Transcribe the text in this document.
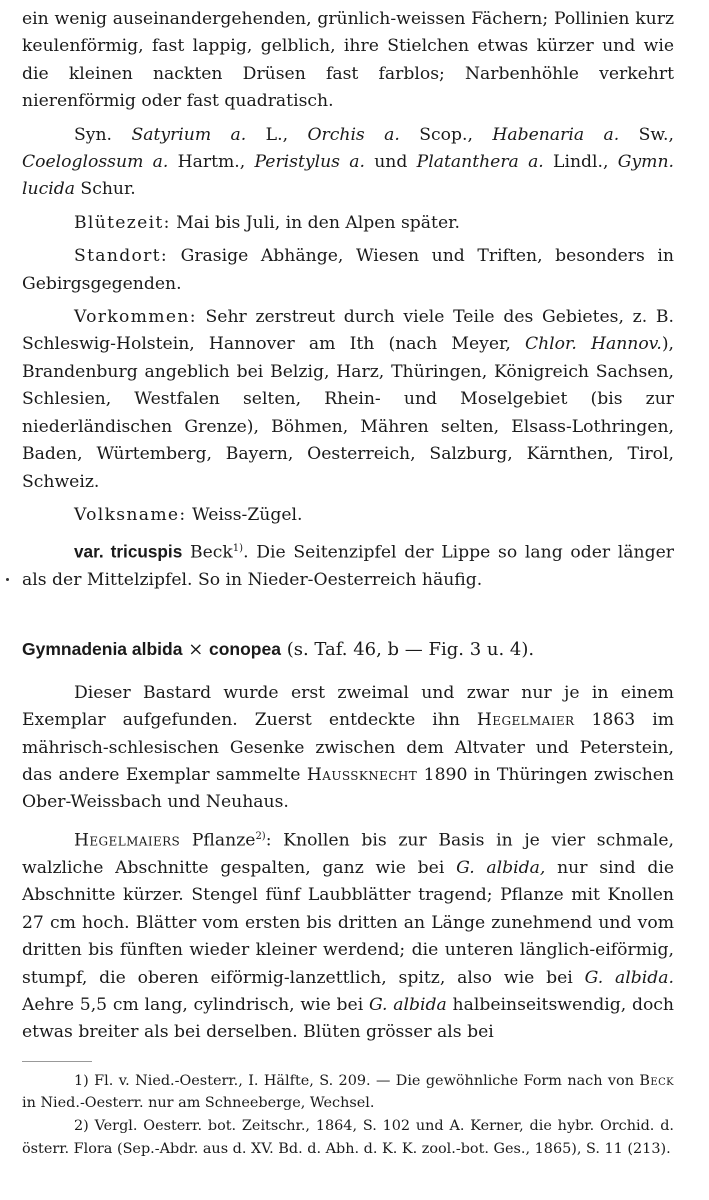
ein wenig auseinandergehenden, grünlich-weissen Fächern; Pollinien kurz keulenförmig, fast lappig, gelblich, ihre Stielchen etwas kürzer und wie die kleinen nackten Drüsen fast farblos; Narbenhöhle verkehrt nierenförmig oder fast quadratisch.

Syn. Satyrium a. L., Orchis a. Scop., Habenaria a. Sw., Coeloglossum a. Hartm., Peristylus a. und Platanthera a. Lindl., Gymn. lucida Schur.

Blütezeit: Mai bis Juli, in den Alpen später.

Standort: Grasige Abhänge, Wiesen und Triften, besonders in Gebirgsgegenden.

Vorkommen: Sehr zerstreut durch viele Teile des Gebietes, z. B. Schleswig-Holstein, Hannover am Ith (nach Meyer, Chlor. Hannov.), Brandenburg angeblich bei Belzig, Harz, Thüringen, Königreich Sachsen, Schlesien, Westfalen selten, Rhein- und Moselgebiet (bis zur niederländischen Grenze), Böhmen, Mähren selten, Elsass-Lothringen, Baden, Würtemberg, Bayern, Oesterreich, Salzburg, Kärnthen, Tirol, Schweiz.

Volksname: Weiss-Zügel.

var. tricuspis Beck$^{1)}$. Die Seitenzipfel der Lippe so lang oder länger als der Mittelzipfel. So in Nieder-Oesterreich häufig.

Gymnadenia albida × conopea (s. Taf. 46, b — Fig. 3 u. 4).

Dieser Bastard wurde erst zweimal und zwar nur je in einem Exemplar aufgefunden. Zuerst entdeckte ihn Hegelmaier 1863 im mährisch-schlesischen Gesenke zwischen dem Altvater und Peterstein, das andere Exemplar sammelte Haussknecht 1890 in Thüringen zwischen Ober-Weissbach und Neuhaus.

Hegelmaiers Pflanze$^{2)}$: Knollen bis zur Basis in je vier schmale, walzliche Abschnitte gespalten, ganz wie bei G. albida, nur sind die Abschnitte kürzer. Stengel fünf Laubblätter tragend; Pflanze mit Knollen 27 cm hoch. Blätter vom ersten bis dritten an Länge zunehmend und vom dritten bis fünften wieder kleiner werdend; die unteren länglich-eiförmig, stumpf, die oberen eiförmig-lanzettlich, spitz, also wie bei G. albida. Aehre 5,5 cm lang, cylindrisch, wie bei G. albida halbeinseitswendig, doch etwas breiter als bei derselben. Blüten grösser als bei

1) Fl. v. Nied.-Oesterr., I. Hälfte, S. 209. — Die gewöhnliche Form nach von Beck in Nied.-Oesterr. nur am Schneeberge, Wechsel.

2) Vergl. Oesterr. bot. Zeitschr., 1864, S. 102 und A. Kerner, die hybr. Orchid. d. österr. Flora (Sep.-Abdr. aus d. XV. Bd. d. Abh. d. K. K. zool.-bot. Ges., 1865), S. 11 (213).
